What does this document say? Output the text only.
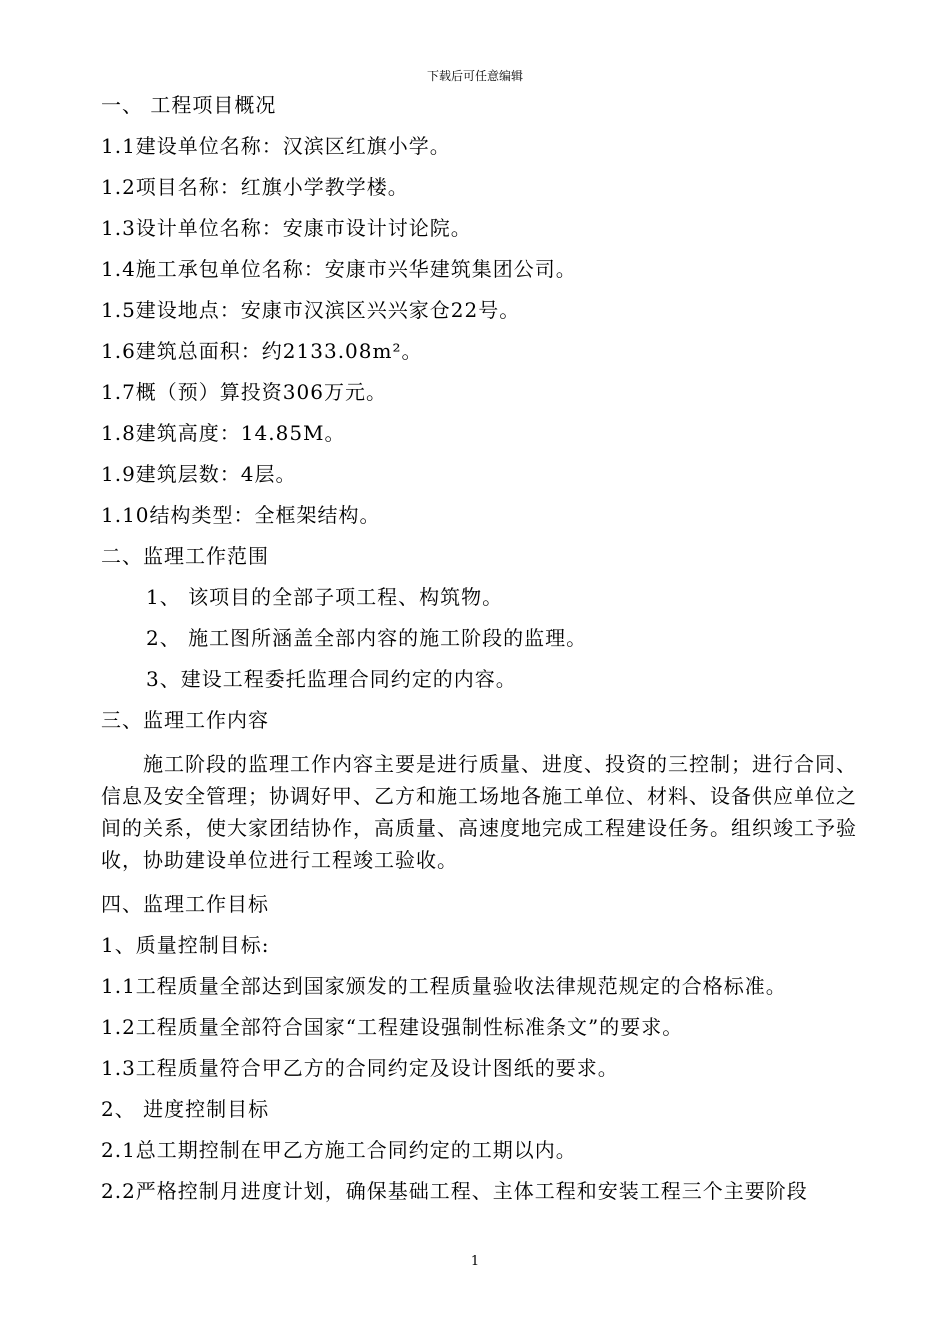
下载后可任意编辑
一、 工程项目概况
1.1建设单位名称：汉滨区红旗小学。
1.2项目名称：红旗小学教学楼。
1.3设计单位名称：安康市设计讨论院。
1.4施工承包单位名称：安康市兴华建筑集团公司。
1.5建设地点：安康市汉滨区兴兴家仓22号。
1.6建筑总面积：约2133.08m²。
1.7概（预）算投资306万元。
1.8建筑高度：14.85M。
1.9建筑层数：4层。
1.10结构类型：全框架结构。
二、监理工作范围
1、 该项目的全部子项工程、构筑物。
2、 施工图所涵盖全部内容的施工阶段的监理。
3、建设工程委托监理合同约定的内容。
三、监理工作内容
施工阶段的监理工作内容主要是进行质量、进度、投资的三控制；进行合同、信息及安全管理；协调好甲、乙方和施工场地各施工单位、材料、设备供应单位之间的关系，使大家团结协作，高质量、高速度地完成工程建设任务。组织竣工予验收，协助建设单位进行工程竣工验收。
四、监理工作目标
1、质量控制目标:
1.1工程质量全部达到国家颁发的工程质量验收法律规范规定的合格标准。
1.2工程质量全部符合国家“工程建设强制性标准条文”的要求。
1.3工程质量符合甲乙方的合同约定及设计图纸的要求。
2、 进度控制目标
2.1总工期控制在甲乙方施工合同约定的工期以内。
2.2严格控制月进度计划，确保基础工程、主体工程和安装工程三个主要阶段
1
